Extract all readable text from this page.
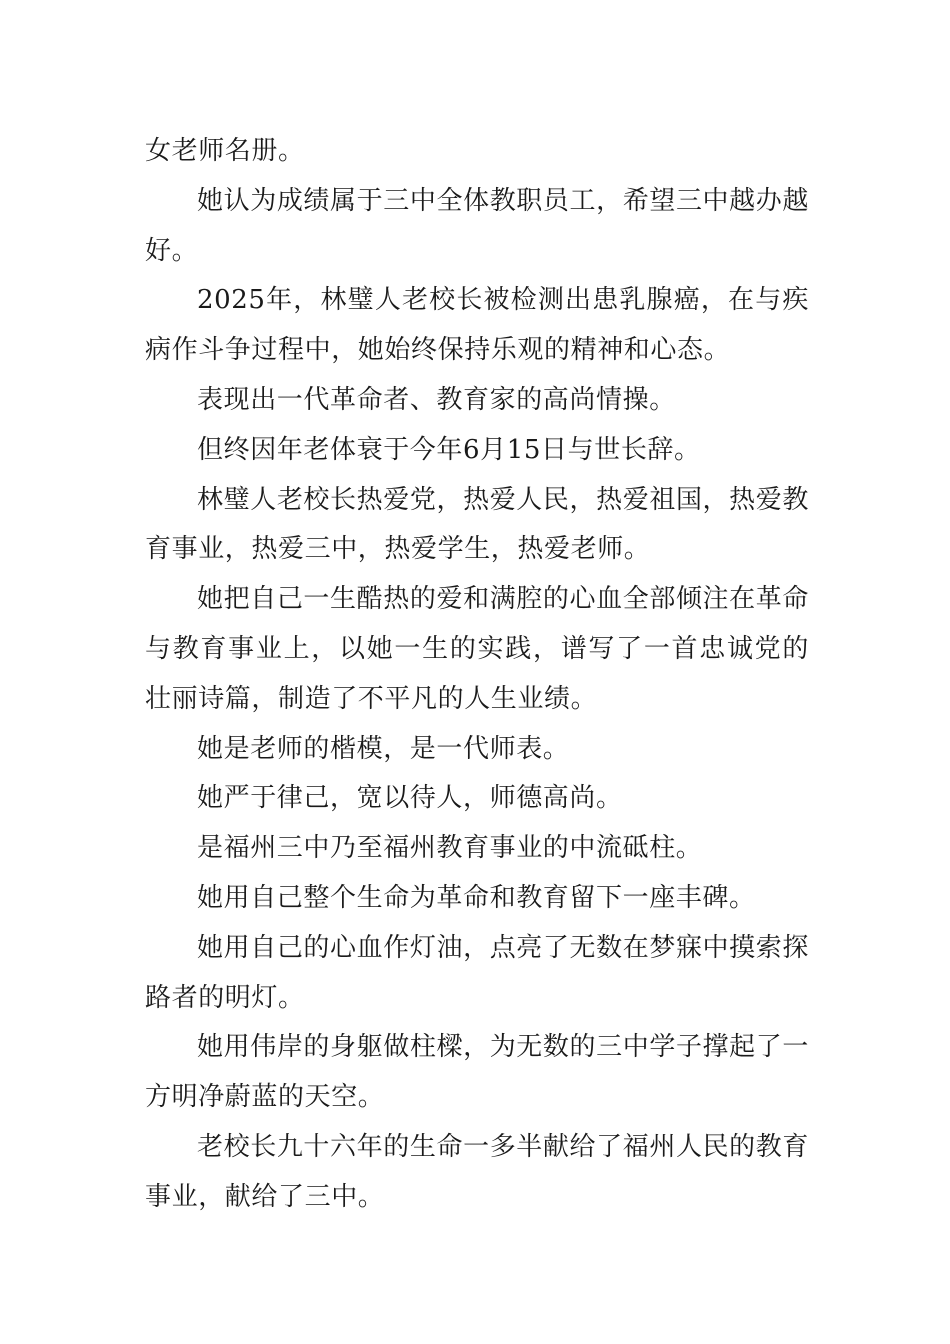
女老师名册。

她认为成绩属于三中全体教职员工，希望三中越办越好。

2025年，林璧人老校长被检测出患乳腺癌，在与疾病作斗争过程中，她始终保持乐观的精神和心态。

表现出一代革命者、教育家的高尚情操。

但终因年老体衰于今年6月15日与世长辞。

林璧人老校长热爱党，热爱人民，热爱祖国，热爱教育事业，热爱三中，热爱学生，热爱老师。

她把自己一生酷热的爱和满腔的心血全部倾注在革命与教育事业上，以她一生的实践，谱写了一首忠诚党的壮丽诗篇，制造了不平凡的人生业绩。

她是老师的楷模，是一代师表。

她严于律己，宽以待人，师德高尚。

是福州三中乃至福州教育事业的中流砥柱。

她用自己整个生命为革命和教育留下一座丰碑。

她用自己的心血作灯油，点亮了无数在梦寐中摸索探路者的明灯。

她用伟岸的身躯做柱樑，为无数的三中学子撑起了一方明净蔚蓝的天空。

老校长九十六年的生命一多半献给了福州人民的教育事业，献给了三中。
